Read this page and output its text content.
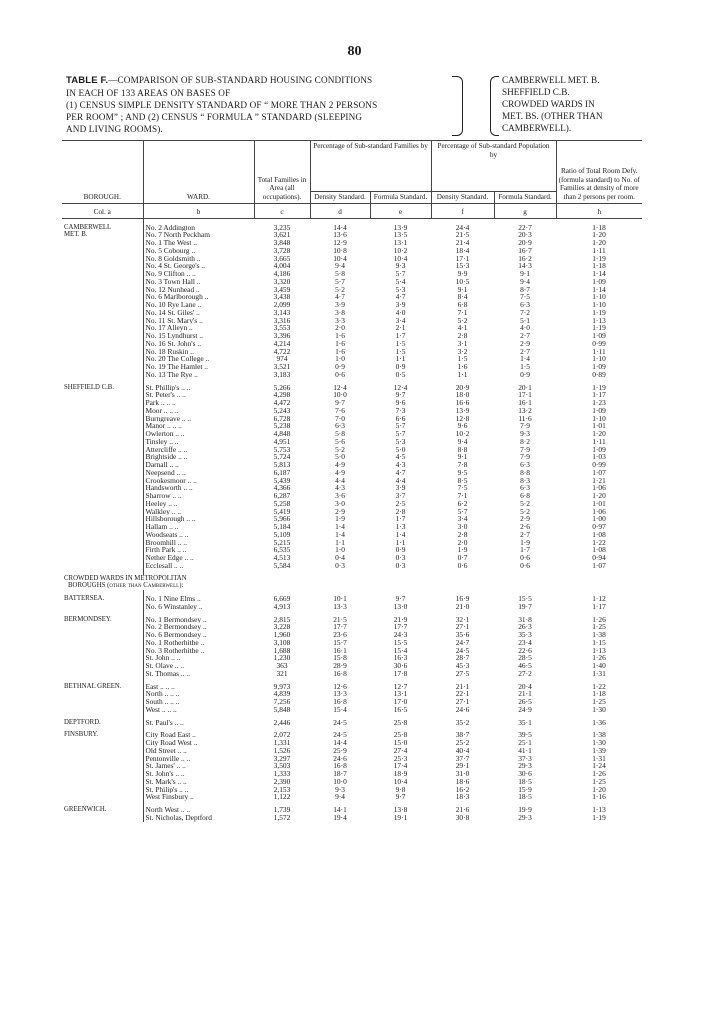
80
TABLE F.—COMPARISON OF SUB-STANDARD HOUSING CONDITIONS
IN EACH OF 133 AREAS ON BASES OF
(1) CENSUS SIMPLE DENSITY STANDARD OF “ MORE THAN 2 PERSONS
PER ROOM” ; AND (2) CENSUS “ FORMULA ” STANDARD (SLEEPING
AND LIVING ROOMS).
CAMBERWELL MET. B.
SHEFFIELD C.B.
CROWDED WARDS IN
MET. BS. (OTHER THAN
CAMBERWELL).
BOROUGH.	WARD.	Total Families in Area (all occupations).	Percentage of Sub-standard Families by		Percentage of Sub-standard Population by		Ratio of Total Room Defy. (formula standard) to No. of Families at density of more than 2 persons per room.
			Density Standard.	Formula Standard.	Density Standard.	Formula Standard.	
Col. a	b	c	d	e	f	g	h

CAMBERWELL	No. 2 Addington	3,235	14·4	13·9	24·4	22·7	1·18
MET. B.	No. 7 North Peckham	3,621	13·6	13·5	21·5	20·3	1·20
	No. 1 The West ..	3,848	12·9	13·1	21·4	20·9	1·20
	No. 5 Cobourg ..	3,728	10·8	10·2	18·4	16·7	1·11
	No. 8 Goldsmith ..	3,665	10·4	10·4	17·1	16·2	1·19
	No. 4 St. George's ..	4,004	9·4	9·3	15·3	14·3	1·18
	No. 9 Clifton .. ..	4,186	5·8	5·7	9·9	9·1	1·14
	No. 3 Town Hall ..	3,320	5·7	5·4	10·5	9·4	1·09
	No. 12 Nunhead ..	3,459	5·2	5·3	9·1	8·7	1·14
	No. 6 Marlborough ..	3,438	4·7	4·7	8·4	7·5	1·10
	No. 10 Rye Lane ..	2,099	3·9	3·9	6·8	6·3	1·10
	No. 14 St. Giles' ..	3,143	3·8	4·0	7·1	7·2	1·19
	No. 11 St. Mary's ..	3,316	3·3	3·4	5·2	5·1	1·13
	No. 17 Alleyn ..	3,553	2·0	2·1	4·1	4·0	1·19
	No. 15 Lyndhurst ..	3,396	1·6	1·7	2·8	2·7	1·09
	No. 16 St. John's ..	4,214	1·6	1·5	3·1	2·9	0·99
	No. 18 Ruskin ..	4,722	1·6	1·5	3·2	2·7	1·11
	No. 20 The College ..	974	1·0	1·1	1·5	1·4	1·10
	No. 19 The Hamlet ..	3,521	0·9	0·9	1·6	1·5	1·09
	No. 13 The Rye ..	3,183	0·6	0·5	1·1	0·9	0·89

SHEFFIELD C.B.	St. Phillip's .. ..	5,266	12·4	12·4	20·9	20·1	1·19
	St. Peter's .. ..	4,298	10·0	9·7	18·0	17·1	1·17
	Park .. .. ..	4,472	9·7	9·6	16·6	16·1	1·23
	Moor .. .. ..	5,243	7·6	7·3	13·9	13·2	1·09
	Burngreave .. ..	6,728	7·0	6·6	12·8	11·6	1·10
	Manor .. .. ..	5,238	6·3	5·7	9·6	7·9	1·01
	Owlerton .. ..	4,848	5·8	5·7	10·2	9·3	1·20
	Tinsley .. ..	4,951	5·6	5·3	9·4	8·2	1·11
	Attercliffe .. ..	5,753	5·2	5·0	8·8	7·9	1·09
	Brightside .. ..	5,724	5·0	4·5	9·1	7·9	1·03
	Darnall .. ..	5,813	4·9	4·3	7·8	6·3	0·99
	Neepsend .. ..	6,187	4·9	4·7	9·5	8·8	1·07
	Crookesmoor .. ..	5,439	4·4	4·4	8·5	8·3	1·21
	Handsworth .. ..	4,366	4·3	3·9	7·5	6·3	1·06
	Sharrow .. ..	6,287	3·6	3·7	7·1	6·8	1·20
	Heeley .. ..	5,258	3·0	2·5	6·2	5·2	1·01
	Walkley .. ..	5,419	2·9	2·8	5·7	5·2	1·06
	Hillsborough .. ..	5,966	1·9	1·7	3·4	2·9	1·00
	Hallam .. ..	5,184	1·4	1·3	3·0	2·6	0·97
	Woodseats .. ..	5,109	1·4	1·4	2·8	2·7	1·08
	Broomhill .. ..	5,215	1·1	1·1	2·0	1·9	1·22
	Firth Park .. ..	6,535	1·0	0·9	1·9	1·7	1·08
	Nether Edge .. ..	4,513	0·4	0·3	0·7	0·6	0·94
	Ecclesall .. ..	5,584	0·3	0·3	0·6	0·6	1·07

CROWDED WARDS IN METROPOLITAN							
BOROUGHS (other than Camberwell):							

BATTERSEA.	No. 1 Nine Elms ..	6,669	10·1	9·7	16·9	15·5	1·12
	No. 6 Winstanley ..	4,913	13·3	13·0	21·0	19·7	1·17

BERMONDSEY.	No. 1 Bermondsey ..	2,815	21·5	21·9	32·1	31·8	1·26
	No. 2 Bermondsey ..	3,228	17·7	17·7	27·1	26·3	1·25
	No. 6 Bermondsey ..	1,960	23·6	24·3	35·6	35·3	1·38
	No. 1 Rotherhithe ..	3,108	15·7	15·5	24·7	23·4	1·15
	No. 3 Rotherhithe ..	1,688	16·1	15·4	24·5	22·6	1·13
	St. John .. ..	1,230	15·8	16·3	28·7	28·5	1·26
	St. Olave .. ..	363	28·9	30·6	45·3	46·5	1·40
	St. Thomas .. ..	321	16·8	17·8	27·5	27·2	1·31

BETHNAL GREEN.	East .. .. ..	9,973	12·6	12·7	21·1	20·4	1·22
	North .. .. ..	4,839	13·3	13·1	22·1	21·1	1·18
	South .. .. ..	7,256	16·8	17·0	27·1	26·5	1·25
	West .. .. ..	5,848	15·4	16·5	24·6	24·9	1·30

DEPTFORD.	St. Paul's .. ..	2,446	24·5	25·8	35·2	35·1	1·36

FINSBURY.	City Road East ..	2,072	24·5	25·8	38·7	39·5	1·38
	City Road West ..	1,331	14·4	15·0	25·2	25·1	1·30
	Old Street .. ..	1,526	25·9	27·4	40·4	41·1	1·39
	Pentonville .. ..	3,297	24·6	25·3	37·7	37·3	1·31
	St. James' .. ..	3,503	16·8	17·4	29·1	29·3	1·24
	St. John's .. ..	1,333	18·7	18·9	31·0	30·6	1·26
	St. Mark's .. ..	2,390	10·0	10·4	18·6	18·5	1·25
	St. Philip's .. ..	2,153	9·3	9·8	16·2	15·9	1·20
	West Finsbury ..	1,122	9·4	9·7	18·3	18·5	1·16

GREENWICH.	North West .. ..	1,739	14·1	13·8	21·6	19·9	1·13
	St. Nicholas, Deptford	1,572	19·4	19·1	30·8	29·3	1·19
